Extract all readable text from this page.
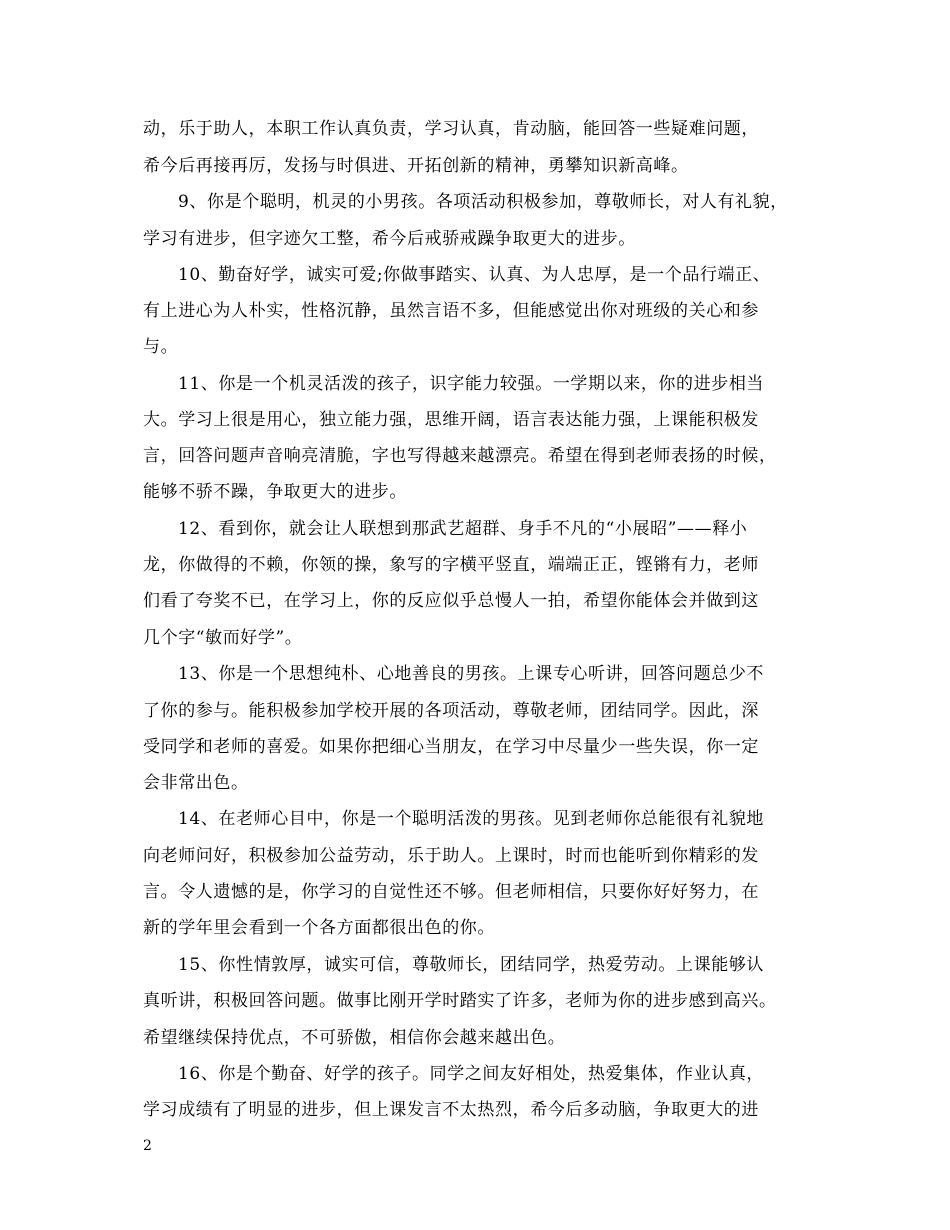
动，乐于助人，本职工作认真负责，学习认真，肯动脑，能回答一些疑难问题，
希今后再接再厉，发扬与时俱进、开拓创新的精神，勇攀知识新高峰。
9、你是个聪明，机灵的小男孩。各项活动积极参加，尊敬师长，对人有礼貌，
学习有进步，但字迹欠工整，希今后戒骄戒躁争取更大的进步。
10、勤奋好学，诚实可爱;你做事踏实、认真、为人忠厚，是一个品行端正、
有上进心为人朴实，性格沉静，虽然言语不多，但能感觉出你对班级的关心和参
与。
11、你是一个机灵活泼的孩子，识字能力较强。一学期以来，你的进步相当
大。学习上很是用心，独立能力强，思维开阔，语言表达能力强，上课能积极发
言，回答问题声音响亮清脆，字也写得越来越漂亮。希望在得到老师表扬的时候，
能够不骄不躁，争取更大的进步。
12、看到你，就会让人联想到那武艺超群、身手不凡的“小展昭”——释小
龙，你做得的不赖，你领的操，象写的字横平竖直，端端正正，铿锵有力，老师
们看了夸奖不已，在学习上，你的反应似乎总慢人一拍，希望你能体会并做到这
几个字“敏而好学”。
13、你是一个思想纯朴、心地善良的男孩。上课专心听讲，回答问题总少不
了你的参与。能积极参加学校开展的各项活动，尊敬老师，团结同学。因此，深
受同学和老师的喜爱。如果你把细心当朋友，在学习中尽量少一些失误，你一定
会非常出色。
14、在老师心目中，你是一个聪明活泼的男孩。见到老师你总能很有礼貌地
向老师问好，积极参加公益劳动，乐于助人。上课时，时而也能听到你精彩的发
言。令人遗憾的是，你学习的自觉性还不够。但老师相信，只要你好好努力，在
新的学年里会看到一个各方面都很出色的你。
15、你性情敦厚，诚实可信，尊敬师长，团结同学，热爱劳动。上课能够认
真听讲，积极回答问题。做事比刚开学时踏实了许多，老师为你的进步感到高兴。
希望继续保持优点，不可骄傲，相信你会越来越出色。
16、你是个勤奋、好学的孩子。同学之间友好相处，热爱集体，作业认真，
学习成绩有了明显的进步，但上课发言不太热烈，希今后多动脑，争取更大的进
2
